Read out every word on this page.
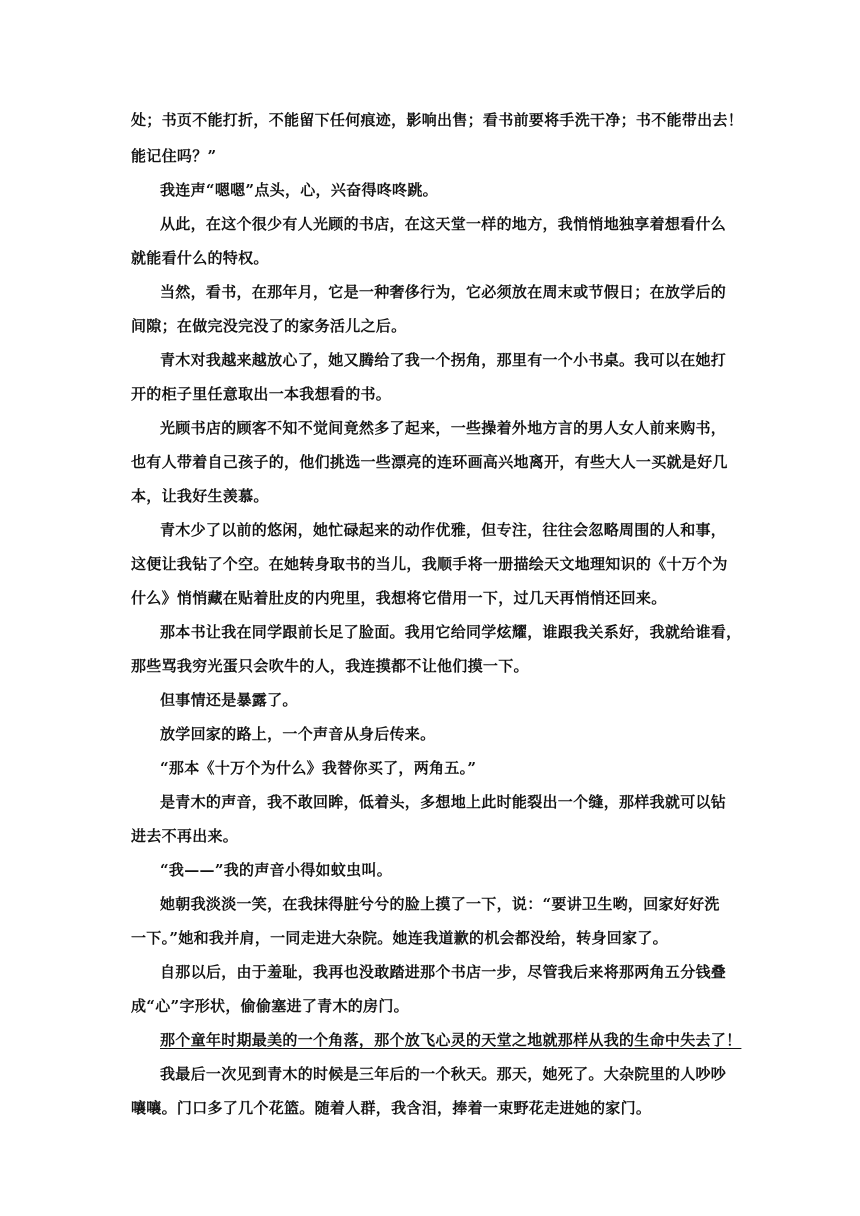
处；书页不能打折，不能留下任何痕迹，影响出售；看书前要将手洗干净；书不能带出去！
能记住吗？”
我连声“嗯嗯”点头，心，兴奋得咚咚跳。
从此，在这个很少有人光顾的书店，在这天堂一样的地方，我悄悄地独享着想看什么
就能看什么的特权。
当然，看书，在那年月，它是一种奢侈行为，它必须放在周末或节假日；在放学后的
间隙；在做完没完没了的家务活儿之后。
青木对我越来越放心了，她又腾给了我一个拐角，那里有一个小书桌。我可以在她打
开的柜子里任意取出一本我想看的书。
光顾书店的顾客不知不觉间竟然多了起来，一些操着外地方言的男人女人前来购书，
也有人带着自己孩子的，他们挑选一些漂亮的连环画高兴地离开，有些大人一买就是好几
本，让我好生羡慕。
青木少了以前的悠闲，她忙碌起来的动作优雅，但专注，往往会忽略周围的人和事，
这便让我钻了个空。在她转身取书的当儿，我顺手将一册描绘天文地理知识的《十万个为
什么》悄悄藏在贴着肚皮的内兜里，我想将它借用一下，过几天再悄悄还回来。
那本书让我在同学跟前长足了脸面。我用它给同学炫耀，谁跟我关系好，我就给谁看，
那些骂我穷光蛋只会吹牛的人，我连摸都不让他们摸一下。
但事情还是暴露了。
放学回家的路上，一个声音从身后传来。
“那本《十万个为什么》我替你买了，两角五。”
是青木的声音，我不敢回眸，低着头，多想地上此时能裂出一个缝，那样我就可以钻
进去不再出来。
“我——”我的声音小得如蚊虫叫。
她朝我淡淡一笑，在我抹得脏兮兮的脸上摸了一下，说：“要讲卫生哟，回家好好洗
一下。”她和我并肩，一同走进大杂院。她连我道歉的机会都没给，转身回家了。
自那以后，由于羞耻，我再也没敢踏进那个书店一步，尽管我后来将那两角五分钱叠
成“心”字形状，偷偷塞进了青木的房门。
那个童年时期最美的一个角落，那个放飞心灵的天堂之地就那样从我的生命中失去了！
我最后一次见到青木的时候是三年后的一个秋天。那天，她死了。大杂院里的人吵吵
嚷嚷。门口多了几个花篮。随着人群，我含泪，捧着一束野花走进她的家门。
